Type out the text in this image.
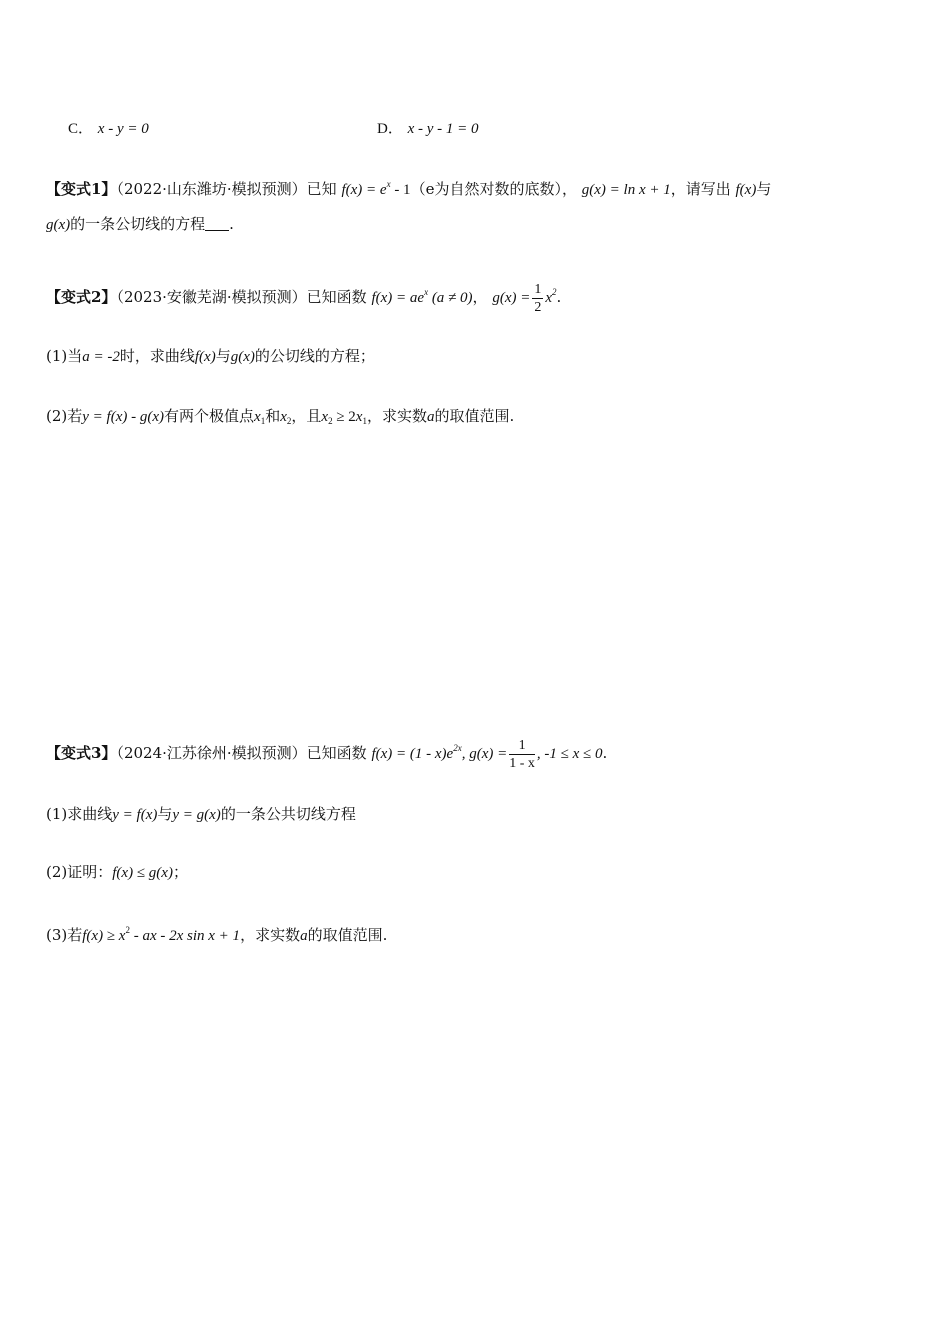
C． x - y = 0	D． x - y - 1 = 0
【变式1】（2022·山东潍坊·模拟预测）已知 $f(x) = e^x - 1(e$为自然对数的底数）， g(x) = ln x + 1，请写出 f(x)与
g(x)的一条公切线的方程 .
【变式2】（2023·安徽芜湖·模拟预测）已知函数 $f(x) = ae^x$ (a ≠ 0)， $g(x) = \frac{1}{2} x^2$.
(1)当a = -2时，求曲线f(x)与g(x)的公切线的方程；
(2)若y = f(x) - g(x)有两个极值点$x_1$和$x_2$，且$x_2 \ge 2x_1$，求实数a的取值范围.
【变式3】（2024·江苏徐州·模拟预测）已知函数 $f(x) = (1 - x)e^{2x}$, $g(x) = \frac{1}{1 - x}$ , -1 ≤ x ≤ 0.
(1)求曲线y = f(x)与y = g(x)的一条公共切线方程
(2)证明：f(x) ≤ g(x)；
(3)若$f(x) \ge x^2$ - ax - 2x sin x + 1，求实数a的取值范围.
